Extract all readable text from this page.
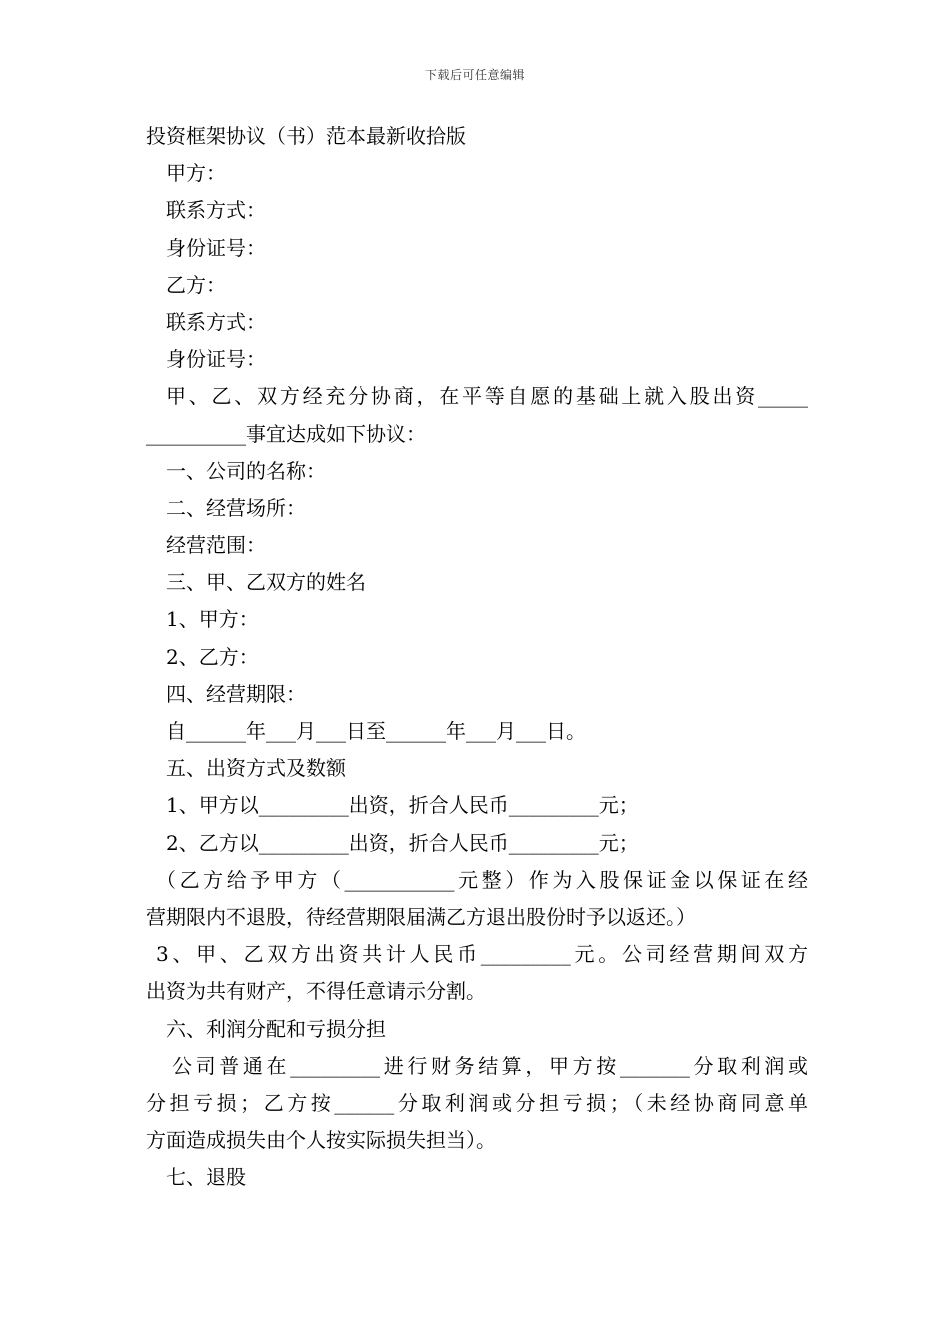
下载后可任意编辑
投资框架协议（书）范本最新收拾版
甲方：
联系方式：
身份证号：
乙方：
联系方式：
身份证号：
甲、乙、双方经充分协商，在平等自愿的基础上就入股出资_____
__________事宜达成如下协议：
一、公司的名称：
二、经营场所：
经营范围：
三、甲、乙双方的姓名
1、甲方：
2、乙方：
四、经营期限：
自______年___月___日至______年___月___日。
五、出资方式及数额
1、甲方以_________出资，折合人民币_________元；
2、乙方以_________出资，折合人民币_________元；
（乙方给予甲方（___________元整）作为入股保证金以保证在经
营期限内不退股，待经营期限届满乙方退出股份时予以返还。）
3、甲、乙双方出资共计人民币_________元。公司经营期间双方
出资为共有财产，不得任意请示分割。
六、利润分配和亏损分担
公司普通在_________进行财务结算，甲方按_______分取利润或
分担亏损；乙方按______分取利润或分担亏损；（未经协商同意单
方面造成损失由个人按实际损失担当）。
七、退股
